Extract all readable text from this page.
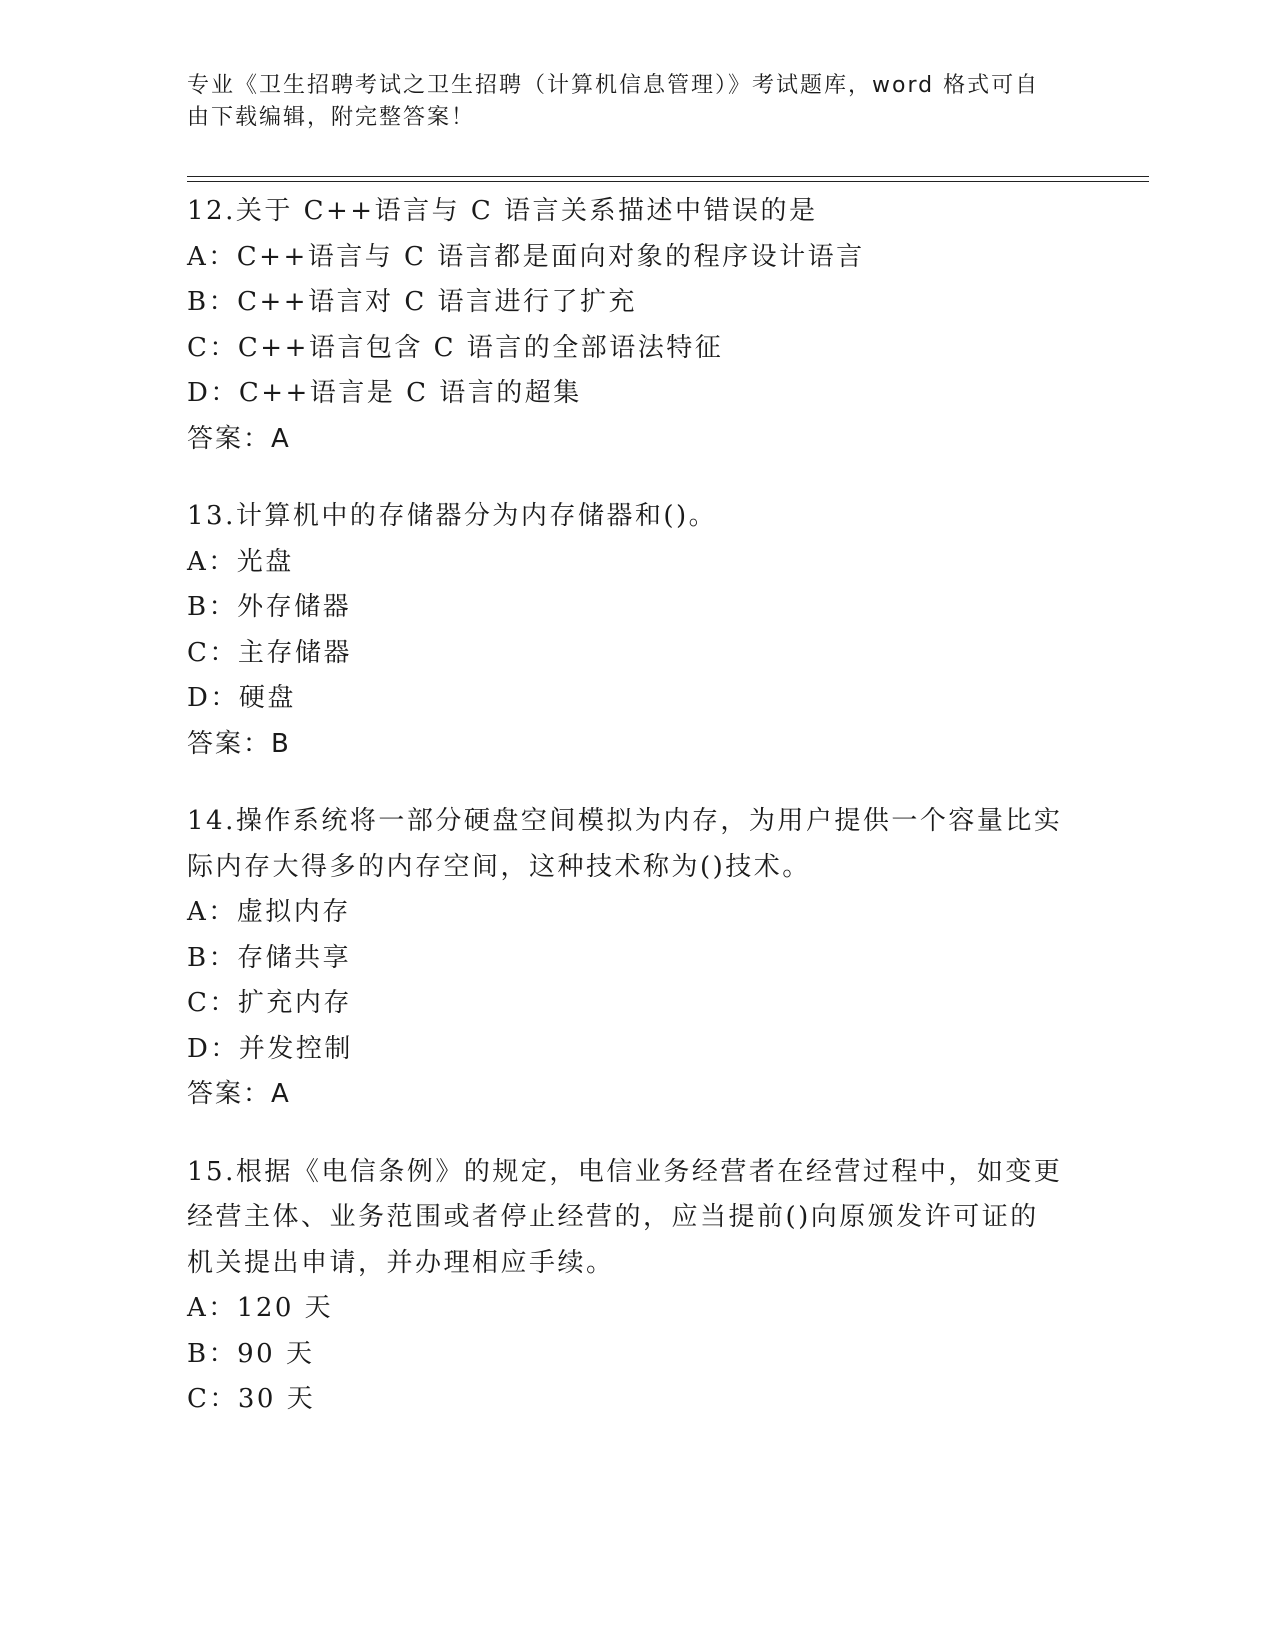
专业《卫生招聘考试之卫生招聘（计算机信息管理）》考试题库，word 格式可自
由下载编辑，附完整答案！
12.关于 C++语言与 C 语言关系描述中错误的是
A：C++语言与 C 语言都是面向对象的程序设计语言
B：C++语言对 C 语言进行了扩充
C：C++语言包含 C 语言的全部语法特征
D：C++语言是 C 语言的超集
答案：A
13.计算机中的存储器分为内存储器和()。
A：光盘
B：外存储器
C：主存储器
D：硬盘
答案：B
14.操作系统将一部分硬盘空间模拟为内存，为用户提供一个容量比实
际内存大得多的内存空间，这种技术称为()技术。
A：虚拟内存
B：存储共享
C：扩充内存
D：并发控制
答案：A
15.根据《电信条例》的规定，电信业务经营者在经营过程中，如变更
经营主体、业务范围或者停止经营的，应当提前()向原颁发许可证的
机关提出申请，并办理相应手续。
A：120 天
B：90 天
C：30 天
